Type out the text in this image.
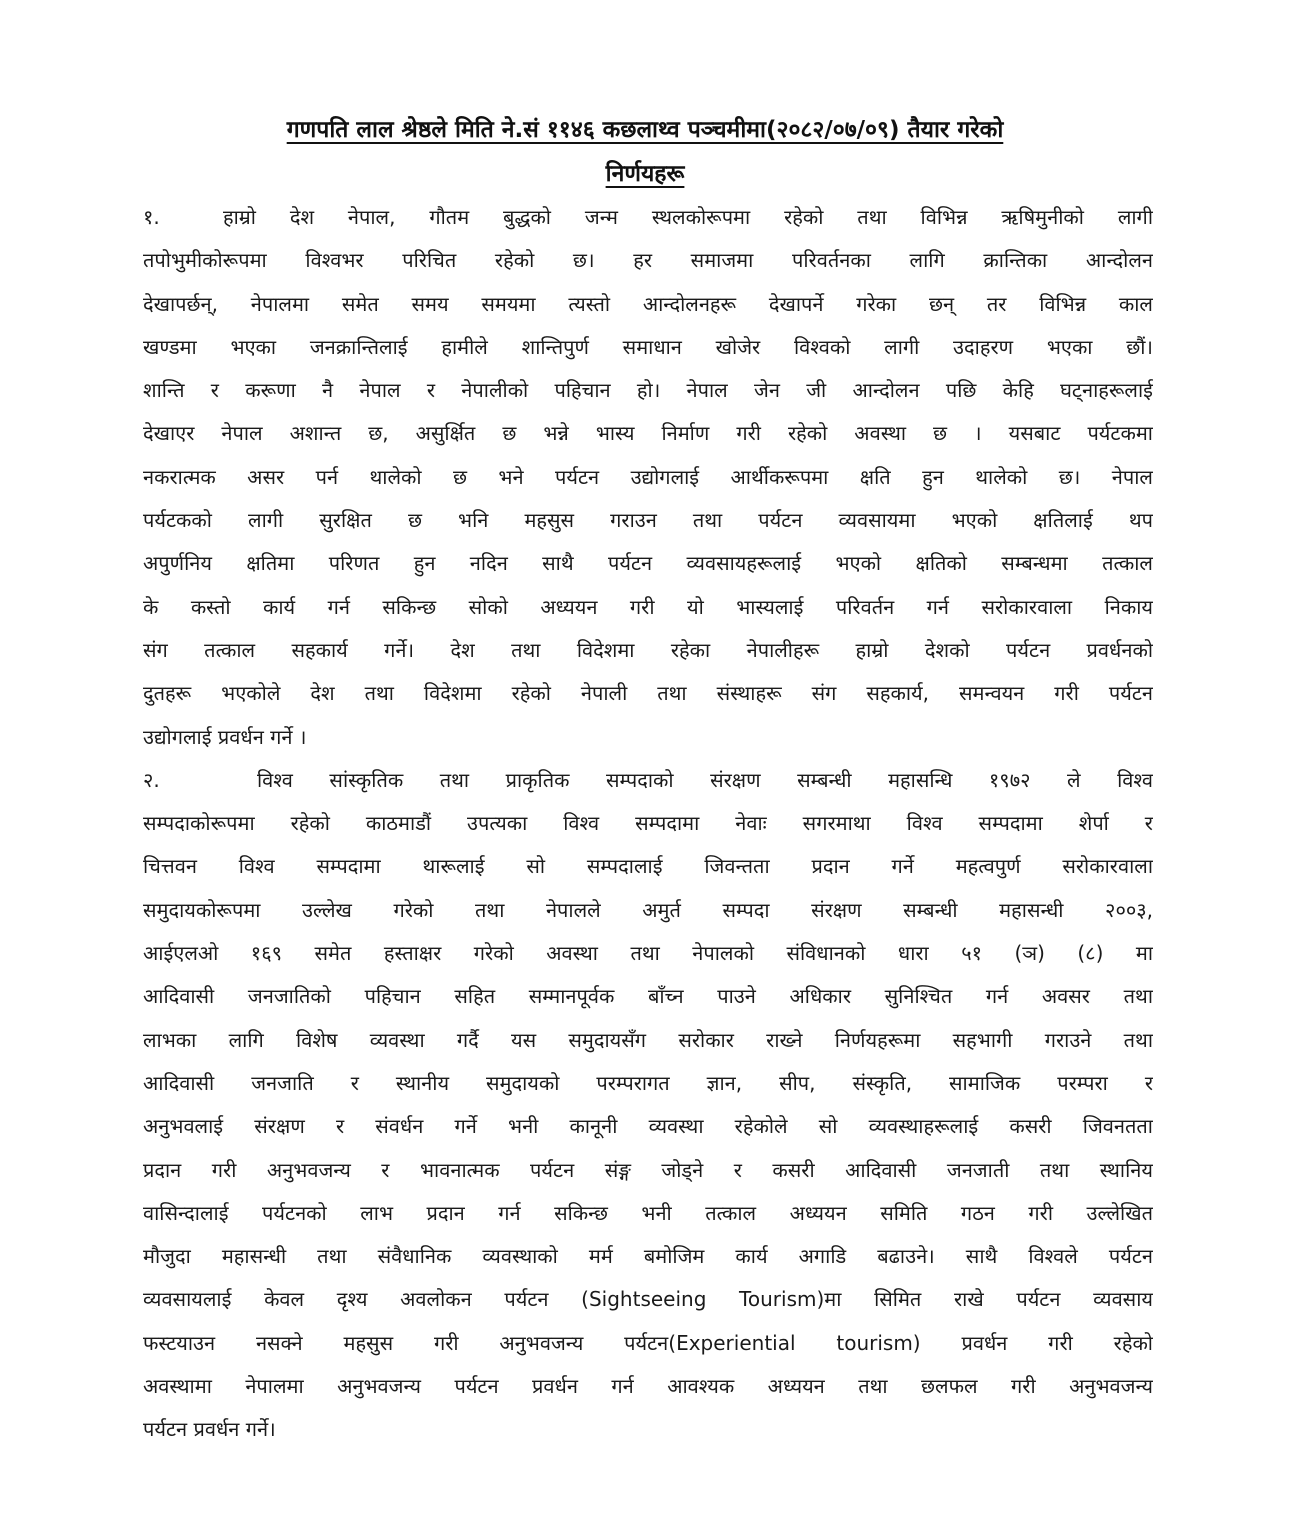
गणपति लाल श्रेष्ठले मिति ने.सं ११४६ कछलाथ्व पञ्चमीमा(२०८२/०७/०९) तैयार गरेको
निर्णयहरू
१.	हाम्रो देश नेपाल, गौतम बुद्धको जन्म स्थलकोरूपमा रहेको तथा विभिन्न ऋषिमुनीको लागी
तपोभुमीकोरूपमा विश्वभर परिचित रहेको छ। हर समाजमा परिवर्तनका लागि क्रान्तिका आन्दोलन
देखापर्छन्, नेपालमा समेत समय समयमा त्यस्तो आन्दोलनहरू देखापर्ने गरेका छन् तर विभिन्न काल
खण्डमा भएका जनक्रान्तिलाई हामीले शान्तिपुर्ण समाधान खोजेर विश्वको लागी उदाहरण भएका छौं।
शान्ति र करूणा नै नेपाल र नेपालीको पहिचान हो। नेपाल जेन जी आन्दोलन पछि केहि घट्नाहरूलाई
देखाएर नेपाल अशान्त छ, असुर्क्षित छ भन्ने भास्य निर्माण गरी रहेको अवस्था छ । यसबाट पर्यटकमा
नकरात्मक असर पर्न थालेको छ भने पर्यटन उद्योगलाई आर्थीकरूपमा क्षति हुन थालेको छ। नेपाल
पर्यटकको लागी सुरक्षित छ भनि महसुस गराउन तथा पर्यटन व्यवसायमा भएको क्षतिलाई थप
अपुर्णनिय क्षतिमा परिणत हुन नदिन साथै पर्यटन व्यवसायहरूलाई भएको क्षतिको सम्बन्धमा तत्काल
के कस्तो कार्य गर्न सकिन्छ सोको अध्ययन गरी यो भास्यलाई परिवर्तन गर्न सरोकारवाला निकाय
संग तत्काल सहकार्य गर्ने। देश तथा विदेशमा रहेका नेपालीहरू हाम्रो देशको पर्यटन प्रवर्धनको
दुतहरू भएकोले देश तथा विदेशमा रहेको नेपाली तथा संस्थाहरू संग सहकार्य, समन्वयन गरी पर्यटन
उद्योगलाई प्रवर्धन गर्ने ।
२.	विश्व सांस्कृतिक तथा प्राकृतिक सम्पदाको संरक्षण सम्बन्धी महासन्धि १९७२ ले विश्व
सम्पदाकोरूपमा रहेको काठमाडौं उपत्यका विश्व सम्पदामा नेवाः सगरमाथा विश्व सम्पदामा शेर्पा र
चित्तवन विश्व सम्पदामा थारूलाई सो सम्पदालाई जिवन्तता प्रदान गर्ने महत्वपुर्ण सरोकारवाला
समुदायकोरूपमा उल्लेख गरेको तथा नेपालले अमुर्त सम्पदा संरक्षण सम्बन्धी महासन्धी २००३,
आईएलओ १६९ समेत हस्ताक्षर गरेको अवस्था तथा नेपालको संविधानको धारा ५१ (ञ) (८) मा
आदिवासी जनजातिको पहिचान सहित सम्मानपूर्वक बाँच्न पाउने अधिकार सुनिश्चित गर्न अवसर तथा
लाभका लागि विशेष व्यवस्था गर्दै यस समुदायसँग सरोकार राख्ने निर्णयहरूमा सहभागी गराउने तथा
आदिवासी जनजाति र स्थानीय समुदायको परम्परागत ज्ञान, सीप, संस्कृति, सामाजिक परम्परा र
अनुभवलाई संरक्षण र संवर्धन गर्ने भनी कानूनी व्यवस्था रहेकोले सो व्यवस्थाहरूलाई कसरी जिवनतता
प्रदान गरी अनुभवजन्य र भावनात्मक पर्यटन संङ्ग जोड्ने र कसरी आदिवासी जनजाती तथा स्थानिय
वासिन्दालाई पर्यटनको लाभ प्रदान गर्न सकिन्छ भनी तत्काल अध्ययन समिति गठन गरी उल्लेखित
मौजुदा महासन्धी तथा संवैधानिक व्यवस्थाको मर्म बमोजिम कार्य अगाडि बढाउने। साथै विश्वले पर्यटन
व्यवसायलाई केवल दृश्य अवलोकन पर्यटन (Sightseeing Tourism)मा सिमित राखे पर्यटन व्यवसाय
फस्टयाउन नसक्ने महसुस गरी अनुभवजन्य पर्यटन(Experiential tourism) प्रवर्धन गरी रहेको
अवस्थामा नेपालमा अनुभवजन्य पर्यटन प्रवर्धन गर्न आवश्यक अध्ययन तथा छलफल गरी अनुभवजन्य
पर्यटन प्रवर्धन गर्ने।
